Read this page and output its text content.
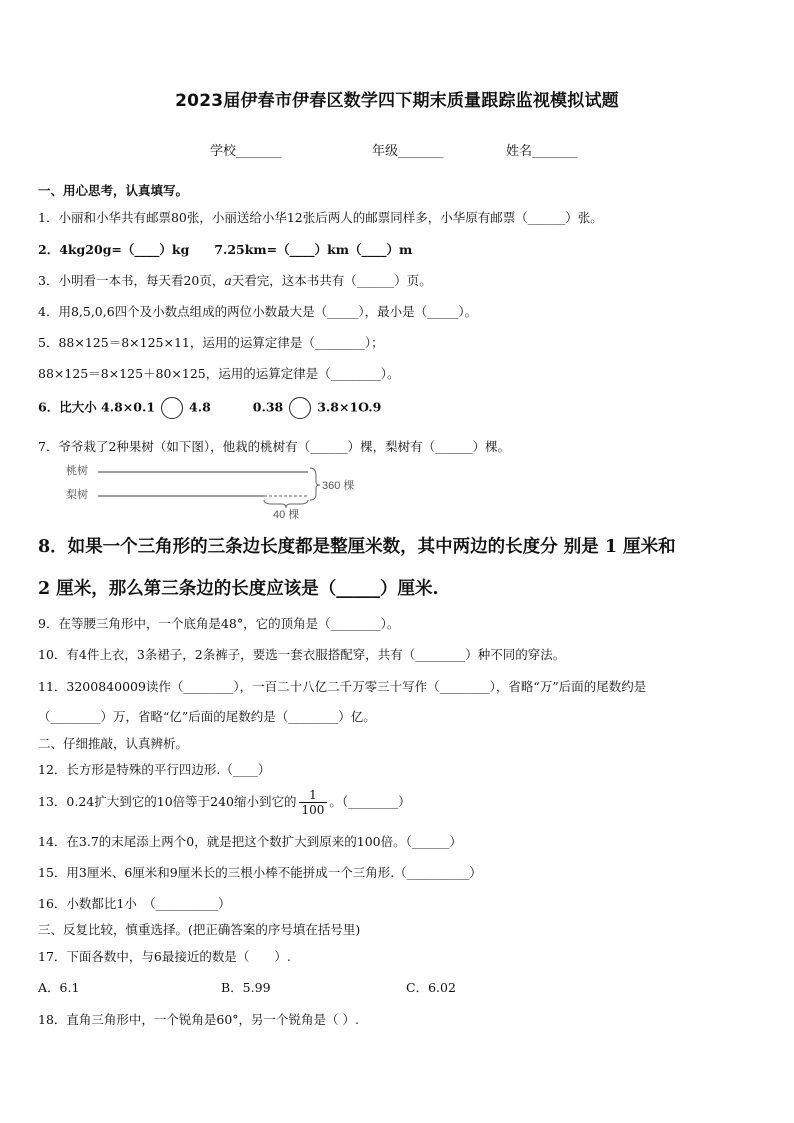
2023届伊春市伊春区数学四下期末质量跟踪监视模拟试题
学校_______	年级_______	姓名_______
一、用心思考，认真填写。
1．小丽和小华共有邮票80张，小丽送给小华12张后两人的邮票同样多，小华原有邮票（______）张。
2．4kg20g=（____）kg　　7.25km=（____）km（____）m
3．小明看一本书，每天看20页，𝑎天看完，这本书共有（______）页。
4．用8,5,0,6四个及小数点组成的两位小数最大是（_____），最小是（_____）。
5．88×125＝8×125×11，运用的运算定律是（________）；
88×125＝8×125＋80×125，运用的运算定律是（________）。
6．比大小 4.8×0.1	4.8	0.38	3.8×1O.9
7．爷爷栽了2种果树（如下图），他栽的桃树有（______）棵，梨树有（______）棵。
桃树
梨树
360 棵
40 棵
8．如果一个三角形的三条边长度都是整厘米数，其中两边的长度分 别是 1 厘米和
2 厘米，那么第三条边的长度应该是（_____）厘米.
9．在等腰三角形中，一个底角是48°，它的顶角是（________）。
10．有4件上衣，3条裙子，2条裤子，要选一套衣服搭配穿，共有（________）种不同的穿法。
11．3200840009读作（________），一百二十八亿二千万零三十写作（________），省略“万”后面的尾数约是
（________）万，省略“亿”后面的尾数约是（________）亿。
二、仔细推敲，认真辨析。
12．长方形是特殊的平行四边形.（____）
13．0.24扩大到它的10倍等于240缩小到它的 $\frac{1}{100}$ 。（________）
14．在3.7的末尾添上两个0，就是把这个数扩大到原来的100倍。（______）
15．用3厘米、6厘米和9厘米长的三根小棒不能拼成一个三角形.（__________）
16．小数都比1小　（__________）
三、反复比较，慎重选择。(把正确答案的序号填在括号里)
17．下面各数中，与6最接近的数是（　　）.
A．6.1	B．5.99	C．6.02
18．直角三角形中，一个锐角是60°，另一个锐角是（ ）.
